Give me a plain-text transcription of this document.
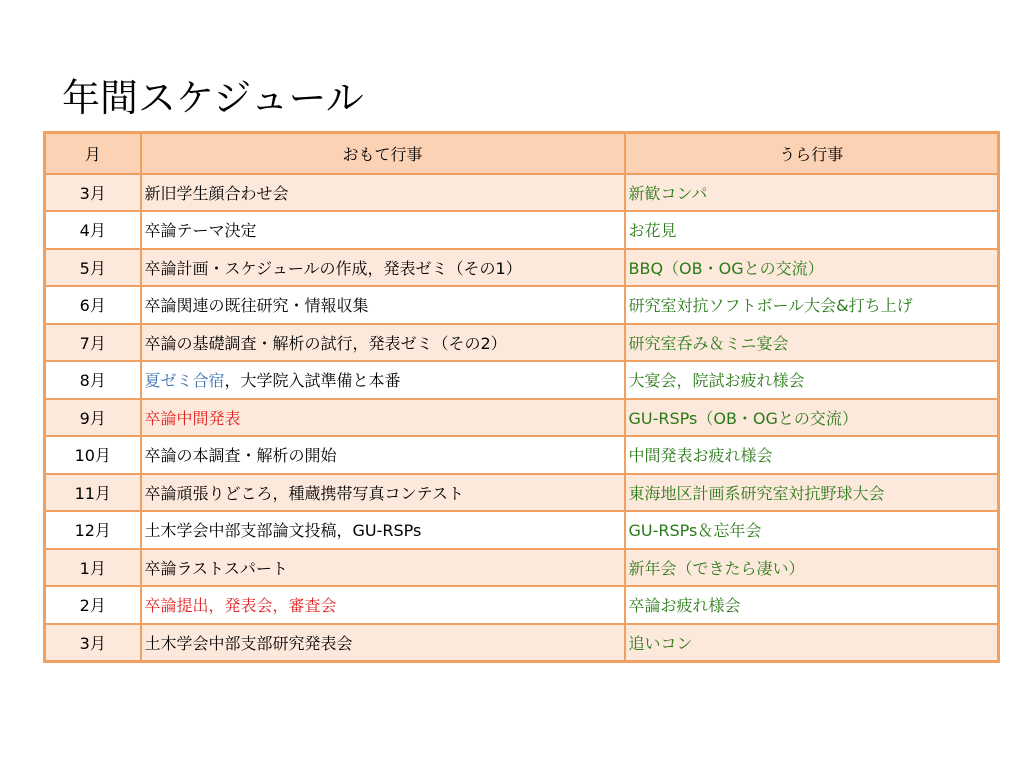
年間スケジュール
月	おもて行事	うら行事
3月	新旧学生顔合わせ会	新歓コンパ
4月	卒論テーマ決定	お花見
5月	卒論計画・スケジュールの作成，発表ゼミ（その1）	BBQ（OB・OGとの交流）
6月	卒論関連の既往研究・情報収集	研究室対抗ソフトボール大会&打ち上げ
7月	卒論の基礎調査・解析の試行，発表ゼミ（その2）	研究室呑み＆ミニ宴会
8月	夏ゼミ合宿，大学院入試準備と本番	大宴会，院試お疲れ様会
9月	卒論中間発表	GU-RSPs（OB・OGとの交流）
10月	卒論の本調査・解析の開始	中間発表お疲れ様会
11月	卒論頑張りどころ，種蔵携帯写真コンテスト	東海地区計画系研究室対抗野球大会
12月	土木学会中部支部論文投稿，GU-RSPs	GU-RSPs＆忘年会
1月	卒論ラストスパート	新年会（できたら凄い）
2月	卒論提出，発表会，審査会	卒論お疲れ様会
3月	土木学会中部支部研究発表会	追いコン
